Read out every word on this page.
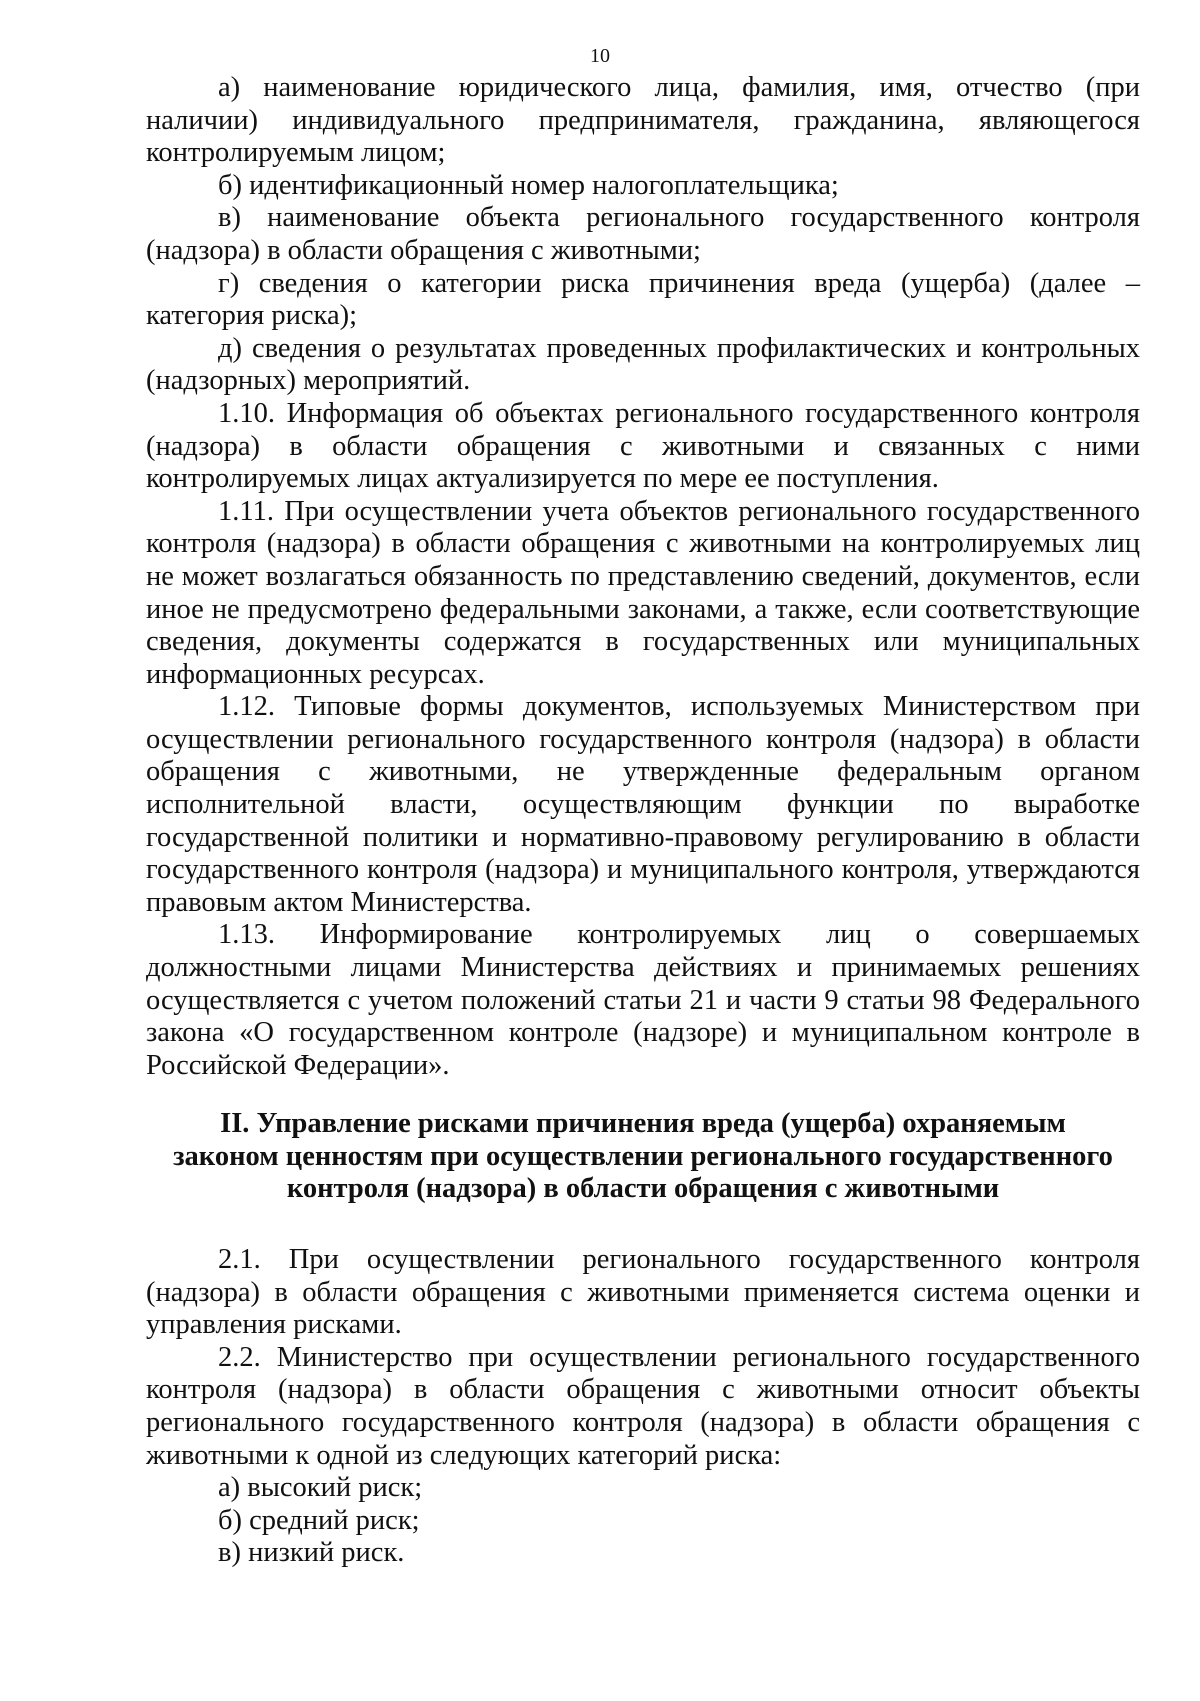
10

а) наименование юридического лица, фамилия, имя, отчество (при наличии) индивидуального предпринимателя, гражданина, являющегося контролируемым лицом;

б) идентификационный номер налогоплательщика;

в) наименование объекта регионального государственного контроля (надзора) в области обращения с животными;

г) сведения о категории риска причинения вреда (ущерба) (далее – категория риска);

д) сведения о результатах проведенных профилактических и контрольных (надзорных) мероприятий.

1.10. Информация об объектах регионального государственного контроля (надзора) в области обращения с животными и связанных с ними контролируемых лицах актуализируется по мере ее поступления.

1.11. При осуществлении учета объектов регионального государственного контроля (надзора) в области обращения с животными на контролируемых лиц не может возлагаться обязанность по представлению сведений, документов, если иное не предусмотрено федеральными законами, а также, если соответствующие сведения, документы содержатся в государственных или муниципальных информационных ресурсах.

1.12. Типовые формы документов, используемых Министерством при осуществлении регионального государственного контроля (надзора) в области обращения с животными, не утвержденные федеральным органом исполнительной власти, осуществляющим функции по выработке государственной политики и нормативно-правовому регулированию в области государственного контроля (надзора) и муниципального контроля, утверждаются правовым актом Министерства.

1.13. Информирование контролируемых лиц о совершаемых должностными лицами Министерства действиях и принимаемых решениях осуществляется с учетом положений статьи 21 и части 9 статьи 98 Федерального закона «О государственном контроле (надзоре) и муниципальном контроле в Российской Федерации».

II. Управление рисками причинения вреда (ущерба) охраняемым
законом ценностям при осуществлении регионального государственного
контроля (надзора) в области обращения с животными

2.1. При осуществлении регионального государственного контроля (надзора) в области обращения с животными применяется система оценки и управления рисками.

2.2. Министерство при осуществлении регионального государственного контроля (надзора) в области обращения с животными относит объекты регионального государственного контроля (надзора) в области обращения с животными к одной из следующих категорий риска:

а) высокий риск;

б) средний риск;

в) низкий риск.
